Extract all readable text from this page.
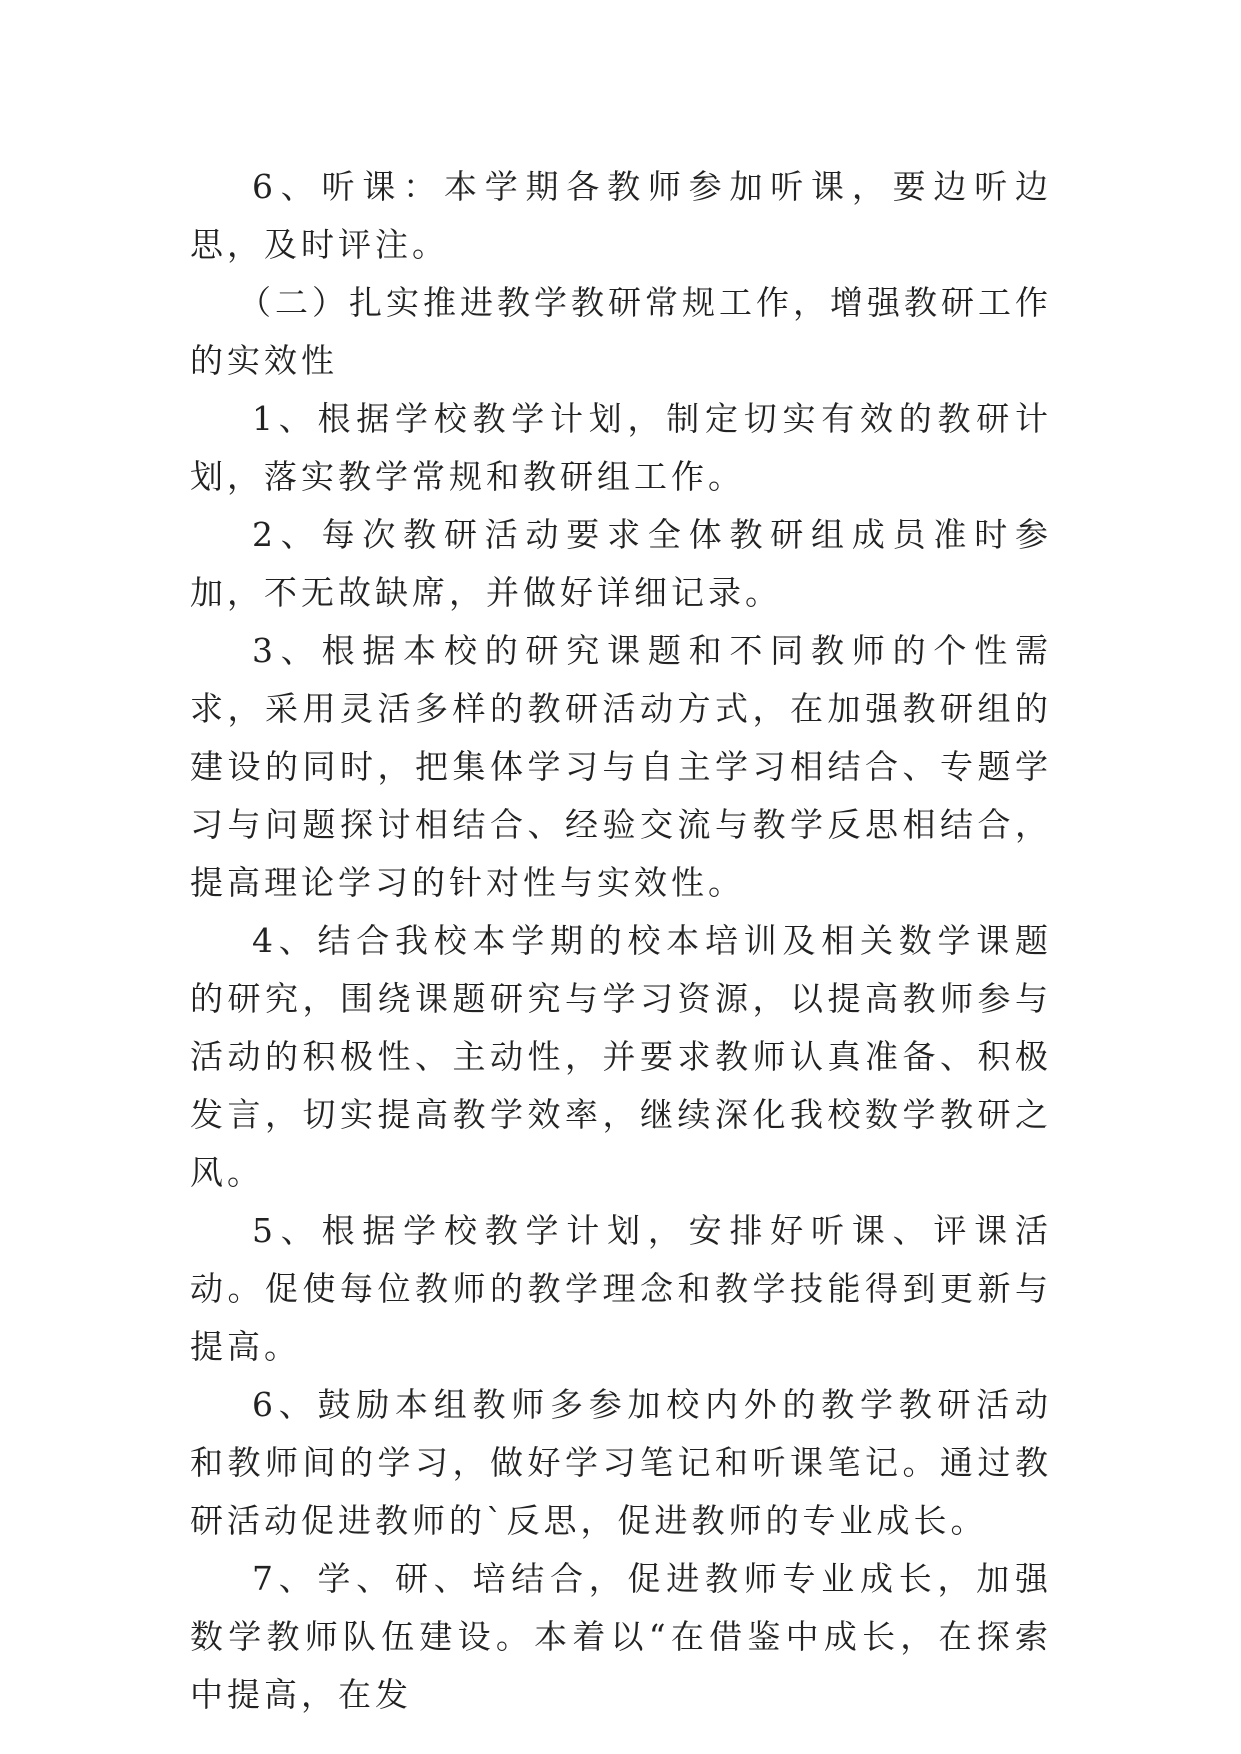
6、听课：本学期各教师参加听课，要边听边思，及时评注。

（二）扎实推进教学教研常规工作，增强教研工作的实效性

1、根据学校教学计划，制定切实有效的教研计划，落实教学常规和教研组工作。

2、每次教研活动要求全体教研组成员准时参加，不无故缺席，并做好详细记录。

3、根据本校的研究课题和不同教师的个性需求，采用灵活多样的教研活动方式，在加强教研组的建设的同时，把集体学习与自主学习相结合、专题学习与问题探讨相结合、经验交流与教学反思相结合，提高理论学习的针对性与实效性。

4、结合我校本学期的校本培训及相关数学课题的研究，围绕课题研究与学习资源，以提高教师参与活动的积极性、主动性，并要求教师认真准备、积极发言，切实提高教学效率，继续深化我校数学教研之风。

5、根据学校教学计划，安排好听课、评课活动。促使每位教师的教学理念和教学技能得到更新与提高。

6、鼓励本组教师多参加校内外的教学教研活动和教师间的学习，做好学习笔记和听课笔记。通过教研活动促进教师的`反思，促进教师的专业成长。

7、学、研、培结合，促进教师专业成长，加强数学教师队伍建设。本着以“在借鉴中成长，在探索中提高，在发
